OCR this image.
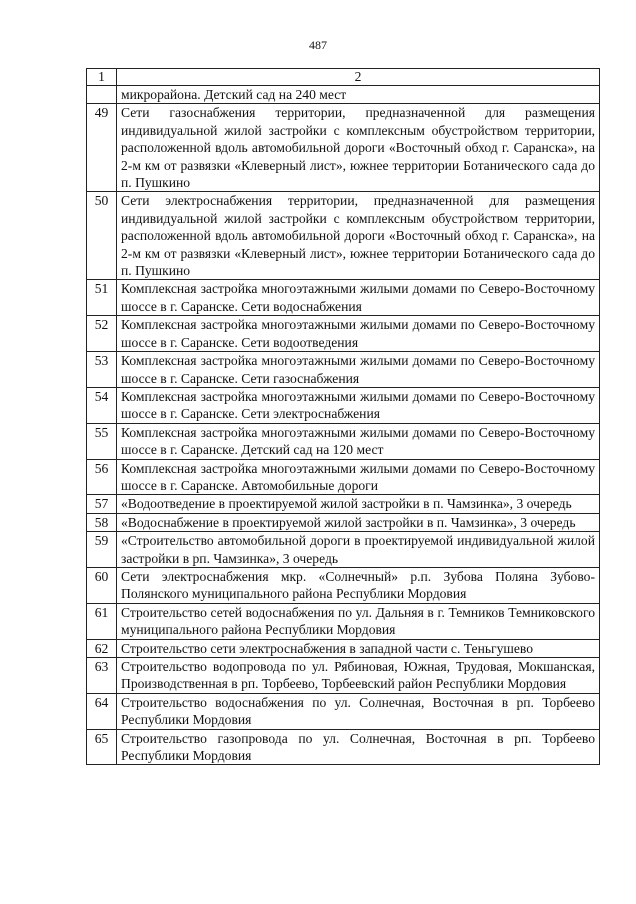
487
1	2
	микрорайона. Детский сад на 240 мест
49	Сети газоснабжения территории, предназначенной для размещения индивидуальной жилой застройки с комплексным обустройством территории, расположенной вдоль автомобильной дороги «Восточный обход г. Саранска», на 2-м км от развязки «Клеверный лист», южнее территории Ботанического сада до п. Пушкино
50	Сети электроснабжения территории, предназначенной для размещения индивидуальной жилой застройки с комплексным обустройством территории, расположенной вдоль автомобильной дороги «Восточный обход г. Саранска», на 2-м км от развязки «Клеверный лист», южнее территории Ботанического сада до п. Пушкино
51	Комплексная застройка многоэтажными жилыми домами по Северо-Восточному шоссе в г. Саранске. Сети водоснабжения
52	Комплексная застройка многоэтажными жилыми домами по Северо-Восточному шоссе в г. Саранске. Сети водоотведения
53	Комплексная застройка многоэтажными жилыми домами по Северо-Восточному шоссе в г. Саранске. Сети газоснабжения
54	Комплексная застройка многоэтажными жилыми домами по Северо-Восточному шоссе в г. Саранске. Сети электроснабжения
55	Комплексная застройка многоэтажными жилыми домами по Северо-Восточному шоссе в г. Саранске. Детский сад на 120 мест
56	Комплексная застройка многоэтажными жилыми домами по Северо-Восточному шоссе в г. Саранске. Автомобильные дороги
57	«Водоотведение в проектируемой жилой застройки в п. Чамзинка», 3 очередь
58	«Водоснабжение в проектируемой жилой застройки в п. Чамзинка», 3 очередь
59	«Строительство автомобильной дороги в проектируемой индивидуальной жилой застройки в рп. Чамзинка», 3 очередь
60	Сети электроснабжения мкр. «Солнечный» р.п. Зубова Поляна Зубово-Полянского муниципального района Республики Мордовия
61	Строительство сетей водоснабжения по ул. Дальняя в г. Темников Темниковского муниципального района Республики Мордовия
62	Строительство сети электроснабжения в западной части с. Теньгушево
63	Строительство водопровода по ул. Рябиновая, Южная, Трудовая, Мокшанская, Производственная в рп. Торбеево, Торбеевский район Республики Мордовия
64	Строительство водоснабжения по ул. Солнечная, Восточная в рп. Торбеево Республики Мордовия
65	Строительство газопровода по ул. Солнечная, Восточная в рп. Торбеево Республики Мордовия
